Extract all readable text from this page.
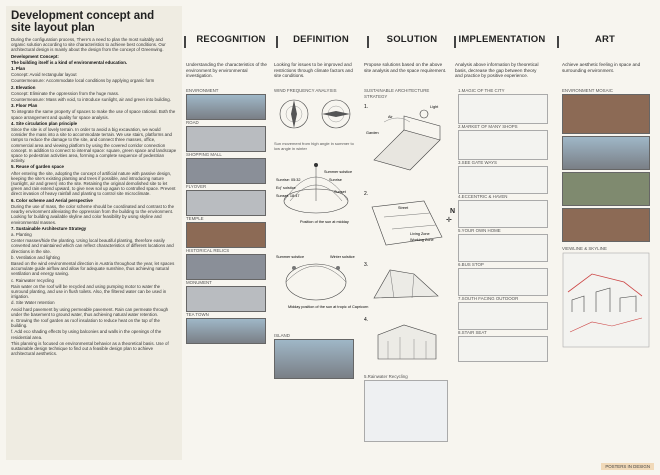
Development concept and site layout plan

During the configuration process, There's a need to plan the most suitably and organic solution according to site characteristics to achieve best conditions. Our architectural design is mainly about the design from the concept of Greenwing.

Development Concept:

The building itself is a kind of environmental education.

1. Plan

Concept: Avoid rectangular layout

Countermeasure: Accommodate local conditions by applying organic form

2. Elevation

Concept: Eliminate the oppression from the huge mass.

Countermeasure: Mass with void, to introduce sunlight, air and green into building.

3. Floor Plan

To integrate the same property of spaces to make the use of space rational. Both the space arrangement and quality for space analysis.

4. Site circulation plan principle

Since the site is of lovely terrain. In order to avoid a big excavation, we would consider the mass into a site to accommodate terrain. We use stairs, platforms and ramps to reduce the damage to the site, and connect three masses, office, commercial area and viewing platform by using the covered corridor connection concept. In addition to connect to internal space: square, green space and landscape space to pedestrian activities area, forming a complete sequence of pedestrian activity.

5. Reuse of garden space

After entering the site, adopting the concept of artificial nature with passive design, keeping the site's existing planting and trees if possible, and introducing nature (sunlight, air and green) into the site. Retaining the original demolished site to let green and rain extend upward, to give new soil up again to controlled space. Prevent direct invasion of heavy rainfall and planting to control site microclimate.

6. Color scheme and Aerial perspective

During the use of mass, the color scheme should be coordinated and contrast to the nearby environment alleviating the oppression from the building to the environment. Looking for building available skyline and color feasibility by using skyline and environmental masses.

7. Sustainable Architecture Strategy

a. Planting

Center masses/hide the planting. Using local beautiful planting, therefore easily converted and maintained which can reflect characteristics of different locations and directions in the site.

b. Ventilation and lighting

Based on the wind environmental direction in Austria throughout the year, let spaces accumulate guide airflow and allow for adequate sunshine, thus achieving natural ventilation and energy saving.

c. Rainwater recycling

Rain water on the roof will be recycled and using pumping motor to water the surround planting, and use in flush toilets. Also, the filtered water can be used in irrigation.

d. Site Water retention

Avoid hard pavement by using permeable pavement. Rain can permeate through under the basement to ground water, thus achieving natural water retention.

e. Growing the roof garden as roof insulation to reduce heat on the top of the building.

f. Add eco shading effects by using balconies and walls in the openings of the residential area.

This planning is focused on environmental behavior as a theoretical basis. Use of sustainable design technique to find out a feasible design plan to achieve architectural aesthetics.

RECOGNITION	DEFINITION	SOLUTION	IMPLEMENTATION	ART
Understanding the characteristics of the environment by environmental investigation.
Looking for issues to be improved and restrictions through climate factors and site conditions.
Propose solutions based on the above site analysis and the space requirement.
Analysis above information by theoretical basis, decrease the gap between theory and practice by positive experience.
Achieve aesthetic feeling in space and surrounding environment.

ENVIRONMENT

ROAD

SHOPPING MALL

FLYOVER

TEMPLE

HISTORICAL RELICS

MONUMENT

TEA TOWN

WIND FREQUENCY ANALYSIS

Sun movement from high angle in summer to low angle in winter

Sunrise: 05:32
Eq" solstice
Summer solstice
Sunrise
Sunset: 18:47
Sunset
Position of the sun at midday

Summer solstice	Winter solstice
Midday position of the sun at tropic of Capricorn

ISLAND

SUSTAINABLE ARCHITECTURE STRATEGY

1.
Garden
Air
Light

2.
Street
Living Zone
Working Zone

3.

4.

5.Rainwater Recycling

N
✛

1.MAGIC OF THE CITY

2.MARKET OF MANY SHOPS

3.SEE GATE WAYS

4.ECCENTRIC & HAVEN

5.YOUR OWN HOME

6.BUS STOP

7.SOUTH FACING OUTDOOR

8.STAIR SEAT

ENVIRONMENT MOSAIC

VIEWLINE & SKYLINE

POSTERS IN DESIGN
